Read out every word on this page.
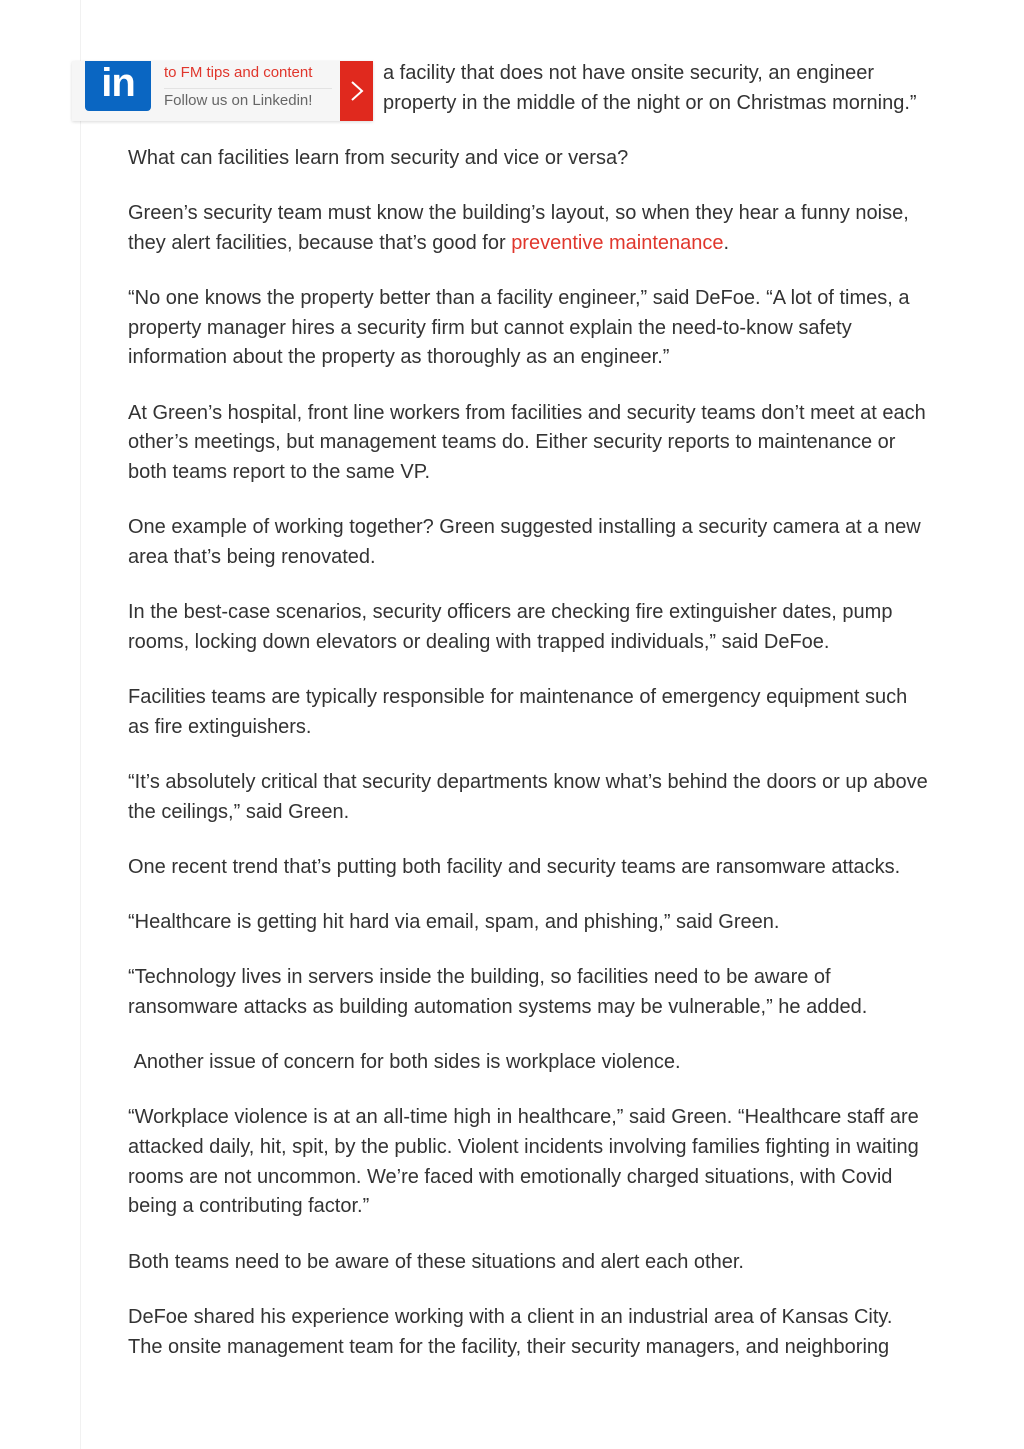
a facility that does not have onsite security, an engineer
property in the middle of the night or on Christmas morning.”

What can facilities learn from security and vice or versa?

Green’s security team must know the building’s layout, so when they hear a funny noise, they alert facilities, because that’s good for preventive maintenance.

“No one knows the property better than a facility engineer,” said DeFoe. “A lot of times, a property manager hires a security firm but cannot explain the need-to-know safety information about the property as thoroughly as an engineer.”

At Green’s hospital, front line workers from facilities and security teams don’t meet at each other’s meetings, but management teams do. Either security reports to maintenance or both teams report to the same VP.

One example of working together? Green suggested installing a security camera at a new area that’s being renovated.

In the best-case scenarios, security officers are checking fire extinguisher dates, pump rooms, locking down elevators or dealing with trapped individuals,” said DeFoe.

Facilities teams are typically responsible for maintenance of emergency equipment such as fire extinguishers.

“It’s absolutely critical that security departments know what’s behind the doors or up above the ceilings,” said Green.

One recent trend that’s putting both facility and security teams are ransomware attacks.

“Healthcare is getting hit hard via email, spam, and phishing,” said Green.

“Technology lives in servers inside the building, so facilities need to be aware of ransomware attacks as building automation systems may be vulnerable,” he added.

Another issue of concern for both sides is workplace violence.

“Workplace violence is at an all-time high in healthcare,” said Green. “Healthcare staff are attacked daily, hit, spit, by the public. Violent incidents involving families fighting in waiting rooms are not uncommon. We’re faced with emotionally charged situations, with Covid being a contributing factor.”

Both teams need to be aware of these situations and alert each other.

DeFoe shared his experience working with a client in an industrial area of Kansas City. The onsite management team for the facility, their security managers, and neighboring

in	to FM tips and content
Follow us on Linkedin!
